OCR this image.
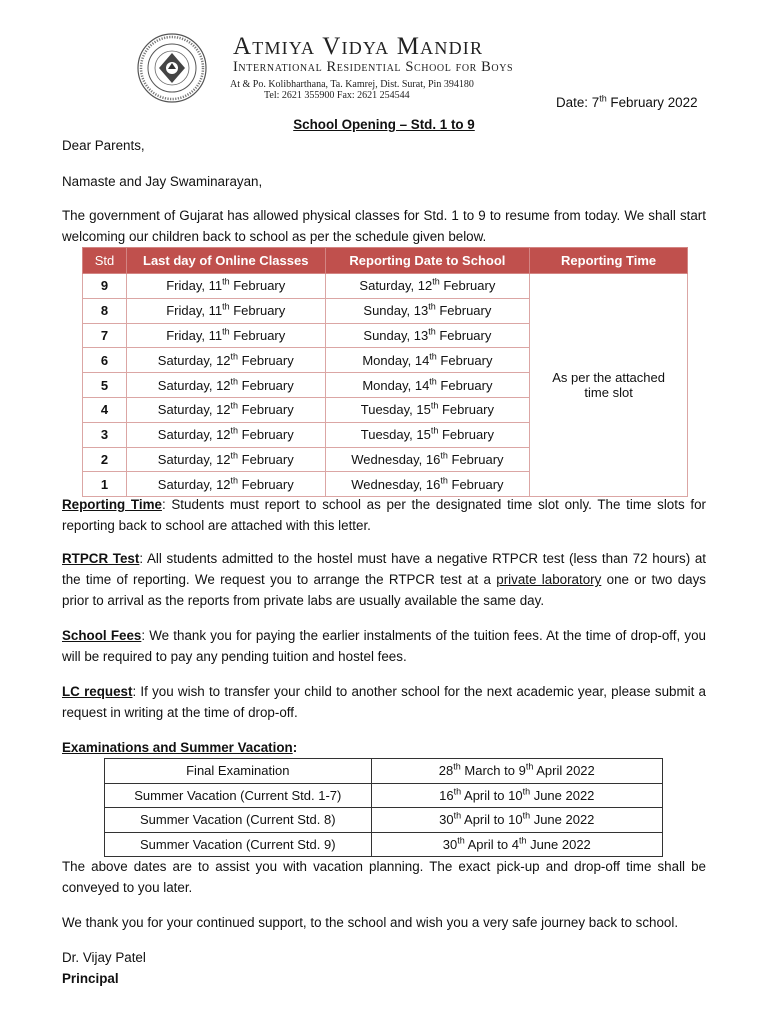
Atmiya Vidya Mandir
International Residential School for Boys
At & Po. Kolibharthana, Ta. Kamrej, Dist. Surat, Pin 394180
Tel: 2621 355900 Fax: 2621 254544	Date: 7th February 2022
School Opening – Std. 1 to 9
Dear Parents,
Namaste and Jay Swaminarayan,
The government of Gujarat has allowed physical classes for Std. 1 to 9 to resume from today. We shall start welcoming our children back to school as per the schedule given below.
Std	Last day of Online Classes	Reporting Date to School	Reporting Time
9	Friday, 11th February	Saturday, 12th February	As per the attached
time slot
8	Friday, 11th February	Sunday, 13th February	
7	Friday, 11th February	Sunday, 13th February	
6	Saturday, 12th February	Monday, 14th February	
5	Saturday, 12th February	Monday, 14th February	
4	Saturday, 12th February	Tuesday, 15th February	
3	Saturday, 12th February	Tuesday, 15th February	
2	Saturday, 12th February	Wednesday, 16th February	
1	Saturday, 12th February	Wednesday, 16th February	
Reporting Time: Students must report to school as per the designated time slot only. The time slots for reporting back to school are attached with this letter.
RTPCR Test: All students admitted to the hostel must have a negative RTPCR test (less than 72 hours) at the time of reporting. We request you to arrange the RTPCR test at a private laboratory one or two days prior to arrival as the reports from private labs are usually available the same day.
School Fees: We thank you for paying the earlier instalments of the tuition fees. At the time of drop-off, you will be required to pay any pending tuition and hostel fees.
LC request: If you wish to transfer your child to another school for the next academic year, please submit a request in writing at the time of drop-off.
Examinations and Summer Vacation:
Final Examination	28th March to 9th April 2022
Summer Vacation (Current Std. 1-7)	16th April to 10th June 2022
Summer Vacation (Current Std. 8)	30th April to 10th June 2022
Summer Vacation (Current Std. 9)	30th April to 4th June 2022
The above dates are to assist you with vacation planning. The exact pick-up and drop-off time shall be conveyed to you later.
We thank you for your continued support, to the school and wish you a very safe journey back to school.
Dr. Vijay Patel
Principal
